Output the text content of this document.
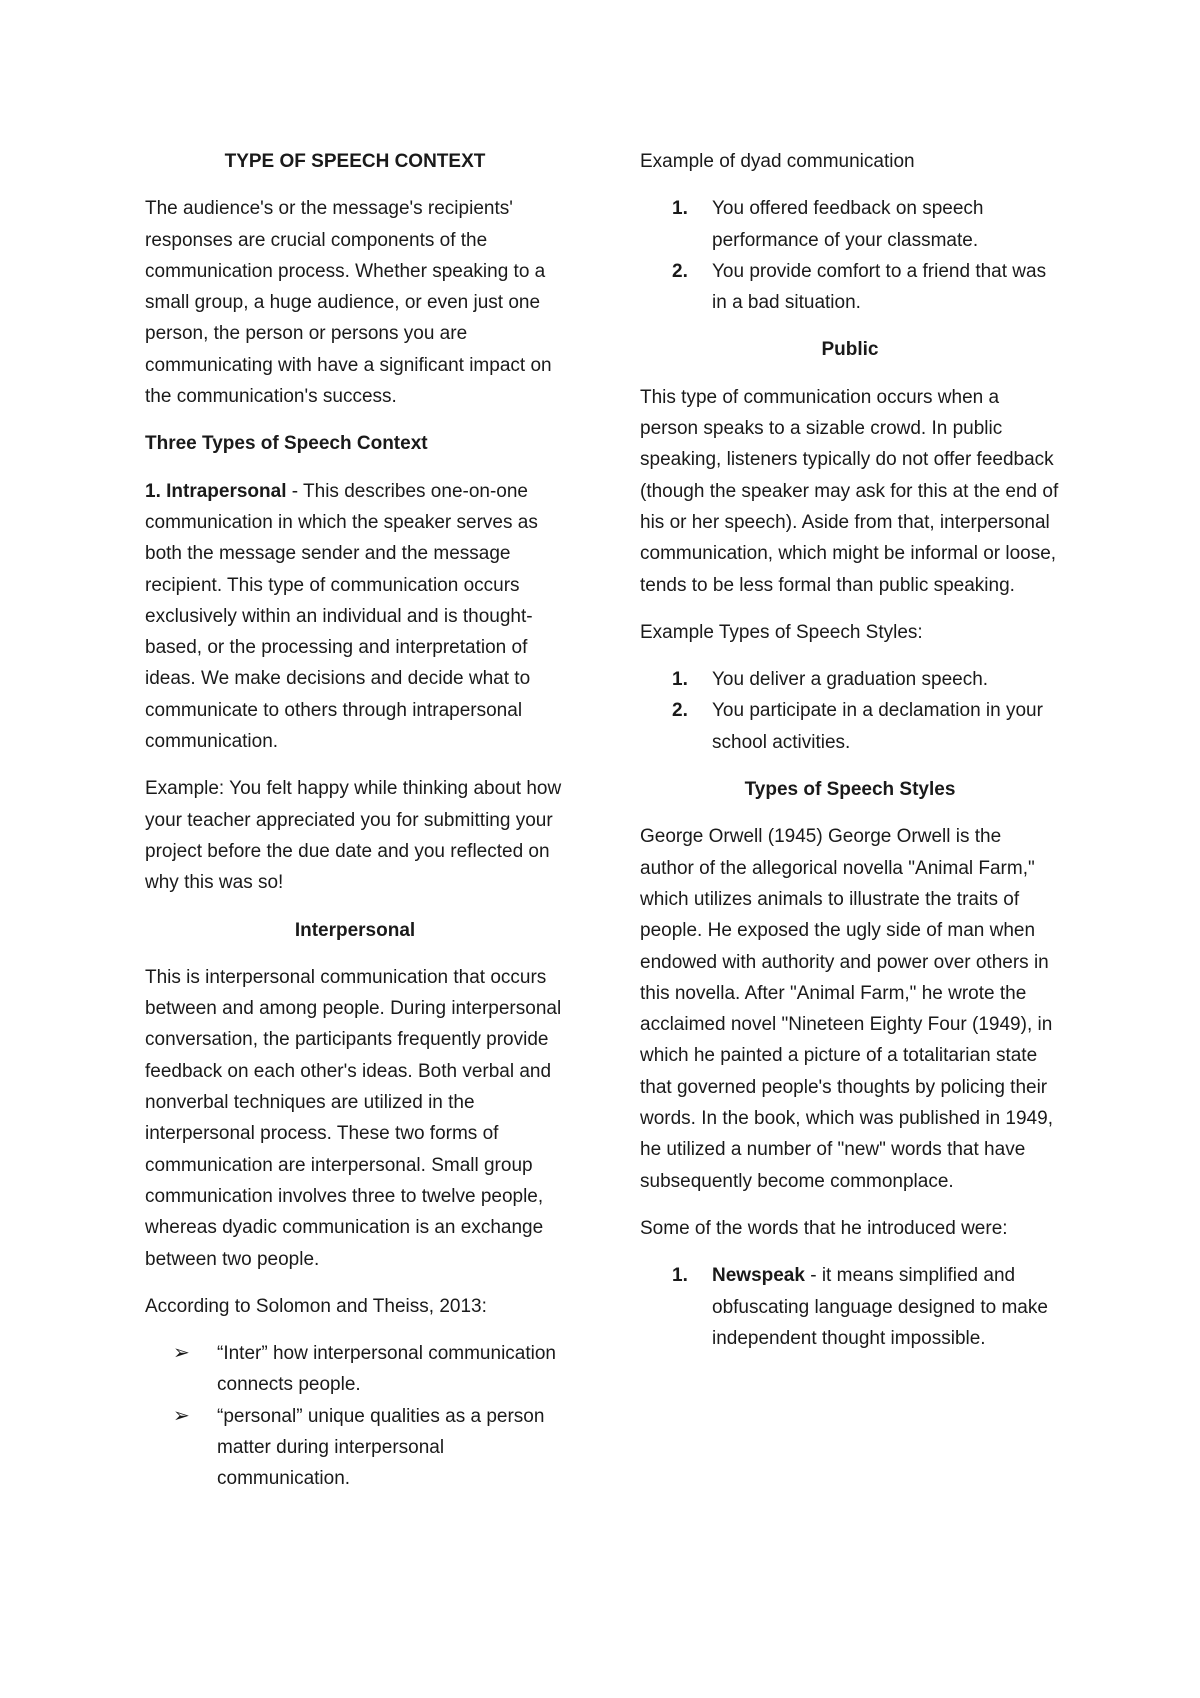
TYPE OF SPEECH CONTEXT

The audience's or the message's recipients' responses are crucial components of the communication process. Whether speaking to a small group, a huge audience, or even just one person, the person or persons you are communicating with have a significant impact on the communication's success.

Three Types of Speech Context

1. Intrapersonal - This describes one-on-one communication in which the speaker serves as both the message sender and the message recipient. This type of communication occurs exclusively within an individual and is thought-based, or the processing and interpretation of ideas. We make decisions and decide what to communicate to others through intrapersonal communication.

Example: You felt happy while thinking about how your teacher appreciated you for submitting your project before the due date and you reflected on why this was so!

Interpersonal

This is interpersonal communication that occurs between and among people. During interpersonal conversation, the participants frequently provide feedback on each other's ideas. Both verbal and nonverbal techniques are utilized in the interpersonal process. These two forms of communication are interpersonal. Small group communication involves three to twelve people, whereas dyadic communication is an exchange between two people.

According to Solomon and Theiss, 2013:

➢ “Inter” how interpersonal communication connects people.
➢ “personal” unique qualities as a person matter during interpersonal communication.

Example of dyad communication

1. You offered feedback on speech performance of your classmate.
2. You provide comfort to a friend that was in a bad situation.

Public

This type of communication occurs when a person speaks to a sizable crowd. In public speaking, listeners typically do not offer feedback (though the speaker may ask for this at the end of his or her speech). Aside from that, interpersonal communication, which might be informal or loose, tends to be less formal than public speaking.

Example Types of Speech Styles:

1. You deliver a graduation speech.
2. You participate in a declamation in your school activities.

Types of Speech Styles

George Orwell (1945) George Orwell is the author of the allegorical novella "Animal Farm," which utilizes animals to illustrate the traits of people. He exposed the ugly side of man when endowed with authority and power over others in this novella. After "Animal Farm," he wrote the acclaimed novel "Nineteen Eighty Four (1949), in which he painted a picture of a totalitarian state that governed people's thoughts by policing their words. In the book, which was published in 1949, he utilized a number of "new" words that have subsequently become commonplace.

Some of the words that he introduced were:

1. Newspeak - it means simplified and obfuscating language designed to make independent thought impossible.
